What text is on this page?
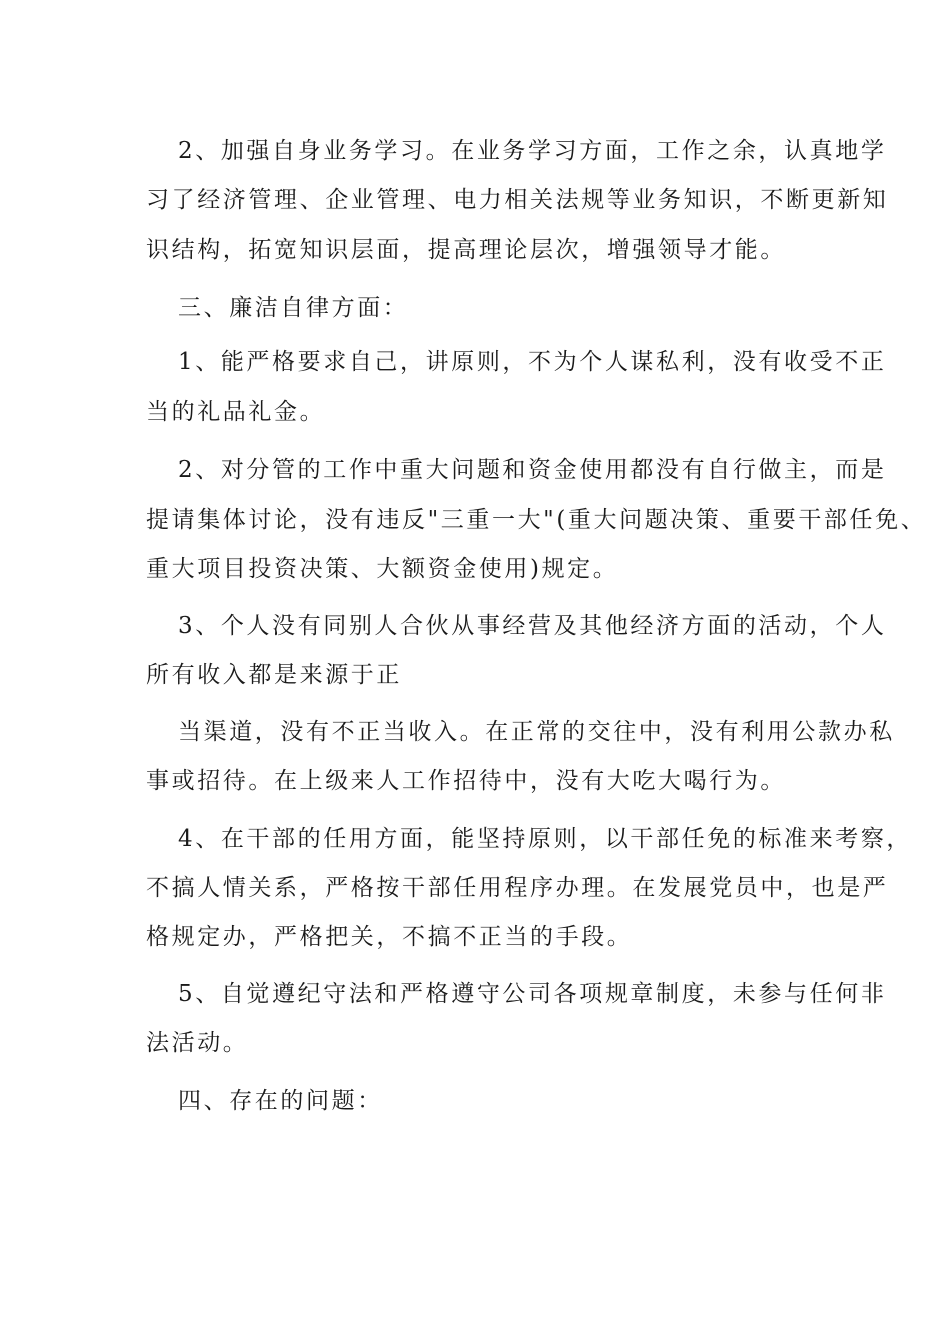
2、加强自身业务学习。在业务学习方面，工作之余，认真地学
习了经济管理、企业管理、电力相关法规等业务知识，不断更新知
识结构，拓宽知识层面，提高理论层次，增强领导才能。
三、廉洁自律方面：
1、能严格要求自己，讲原则，不为个人谋私利，没有收受不正
当的礼品礼金。
2、对分管的工作中重大问题和资金使用都没有自行做主，而是
提请集体讨论，没有违反"三重一大"(重大问题决策、重要干部任免、
重大项目投资决策、大额资金使用)规定。
3、个人没有同别人合伙从事经营及其他经济方面的活动，个人
所有收入都是来源于正
当渠道，没有不正当收入。在正常的交往中，没有利用公款办私
事或招待。在上级来人工作招待中，没有大吃大喝行为。
4、在干部的任用方面，能坚持原则，以干部任免的标准来考察，
不搞人情关系，严格按干部任用程序办理。在发展党员中，也是严
格规定办，严格把关，不搞不正当的手段。
5、自觉遵纪守法和严格遵守公司各项规章制度，未参与任何非
法活动。
四、存在的问题：
